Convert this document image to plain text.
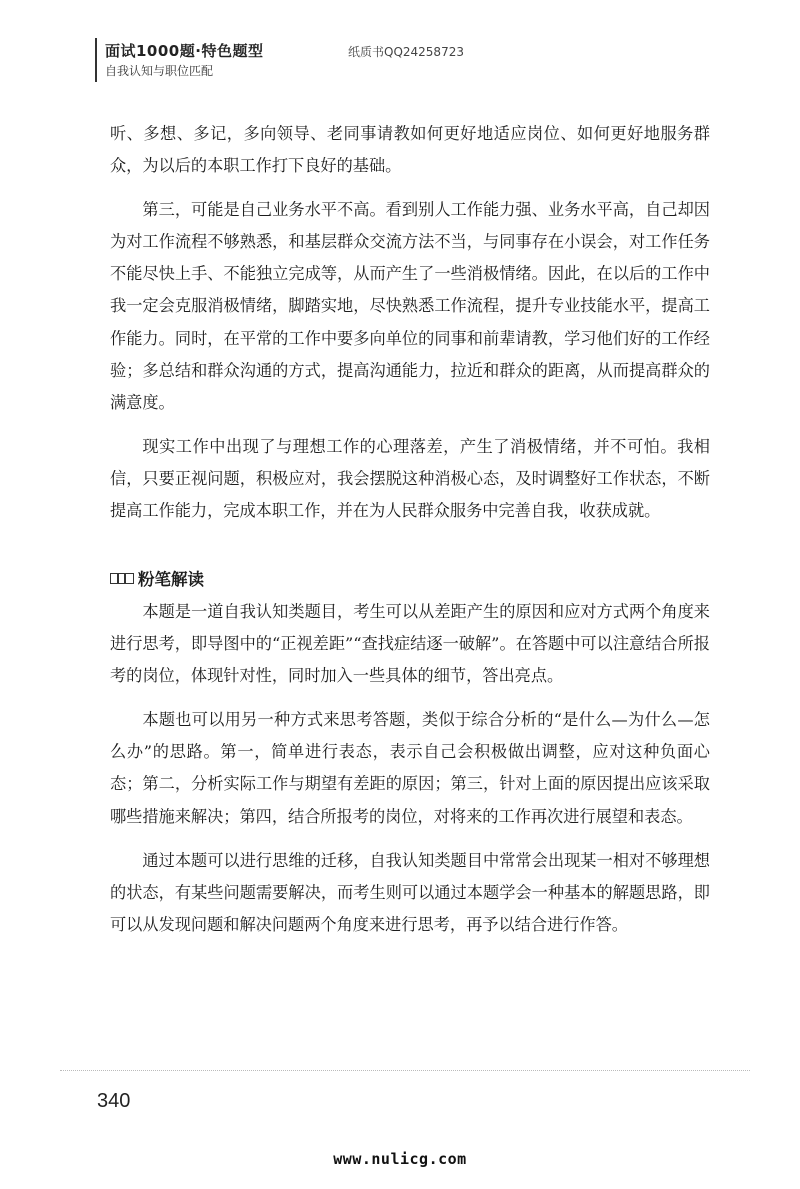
面试1000题·特色题型
自我认知与职位匹配
纸质书QQ24258723

听、多想、多记，多向领导、老同事请教如何更好地适应岗位、如何更好地服务群众，为以后的本职工作打下良好的基础。

第三，可能是自己业务水平不高。看到别人工作能力强、业务水平高，自己却因为对工作流程不够熟悉，和基层群众交流方法不当，与同事存在小误会，对工作任务不能尽快上手、不能独立完成等，从而产生了一些消极情绪。因此，在以后的工作中我一定会克服消极情绪，脚踏实地，尽快熟悉工作流程，提升专业技能水平，提高工作能力。同时，在平常的工作中要多向单位的同事和前辈请教，学习他们好的工作经验；多总结和群众沟通的方式，提高沟通能力，拉近和群众的距离，从而提高群众的满意度。

现实工作中出现了与理想工作的心理落差，产生了消极情绪，并不可怕。我相信，只要正视问题，积极应对，我会摆脱这种消极心态，及时调整好工作状态，不断提高工作能力，完成本职工作，并在为人民群众服务中完善自我，收获成就。

粉笔解读

本题是一道自我认知类题目，考生可以从差距产生的原因和应对方式两个角度来进行思考，即导图中的“正视差距”“查找症结逐一破解”。在答题中可以注意结合所报考的岗位，体现针对性，同时加入一些具体的细节，答出亮点。

本题也可以用另一种方式来思考答题，类似于综合分析的“是什么—为什么—怎么办”的思路。第一，简单进行表态，表示自己会积极做出调整，应对这种负面心态；第二，分析实际工作与期望有差距的原因；第三，针对上面的原因提出应该采取哪些措施来解决；第四，结合所报考的岗位，对将来的工作再次进行展望和表态。

通过本题可以进行思维的迁移，自我认知类题目中常常会出现某一相对不够理想的状态，有某些问题需要解决，而考生则可以通过本题学会一种基本的解题思路，即可以从发现问题和解决问题两个角度来进行思考，再予以结合进行作答。

340
www.nulicg.com
